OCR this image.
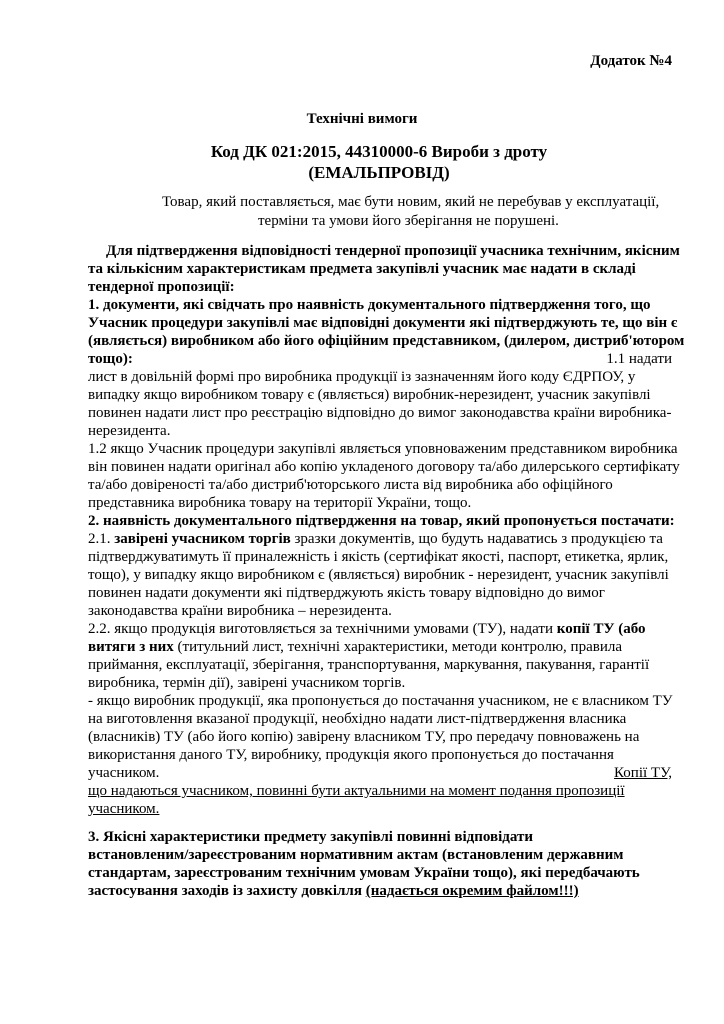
Додаток №4
Технічні вимоги
Код ДК 021:2015, 44310000-6 Вироби з дроту
(ЕМАЛЬПРОВІД)
Товар, який поставляється, має бути новим, який не перебував у експлуатації,
терміни та умови його зберігання не порушені.
Для підтвердження відповідності тендерної пропозиції учасника технічним, якісним
та кількісним характеристикам предмета закупівлі учасник має надати в складі
тендерної пропозиції:
1. документи, які свідчать про наявність документального підтвердження того, що
Учасник процедури закупівлі має відповідні документи які підтверджують те, що він є
(являється) виробником або його офіційним представником, (дилером, дистриб'ютором
тощо):	1.1 надати
лист в довільній формі про виробника продукції із зазначенням його коду ЄДРПОУ, у
випадку якщо виробником товару є (являється) виробник-нерезидент, учасник закупівлі
повинен надати лист про реєстрацію відповідно до вимог законодавства країни виробника-
нерезидента.
1.2 якщо Учасник процедури закупівлі являється уповноваженим представником виробника
він повинен надати оригінал або копію укладеного договору та/або дилерського сертифікату
та/або довіреності та/або дистриб'юторського листа від виробника або офіційного
представника виробника товару на території України, тощо.
2. наявність документального підтвердження на товар, який пропонується постачати:
2.1. завірені учасником торгів зразки документів, що будуть надаватись з продукцією та
підтверджуватимуть її приналежність і якість (сертифікат якості, паспорт, етикетка, ярлик,
тощо), у випадку якщо виробником є (являється) виробник - нерезидент, учасник закупівлі
повинен надати документи які підтверджують якість товару відповідно до вимог
законодавства країни виробника – нерезидента.
2.2. якщо продукція виготовляється за технічними умовами (ТУ), надати копії ТУ (або
витяги з них (титульний лист, технічні характеристики, методи контролю, правила
приймання, експлуатації, зберігання, транспортування, маркування, пакування, гарантії
виробника, термін дії), завірені учасником торгів.
- якщо виробник продукції, яка пропонується до постачання учасником, не є власником ТУ
на виготовлення вказаної продукції, необхідно надати лист-підтвердження власника
(власників) ТУ (або його копію) завірену власником ТУ, про передачу повноважень на
використання даного ТУ, виробнику, продукція якого пропонується до постачання
учасником.	Копії ТУ,
що надаються учасником, повинні бути актуальними на момент подання пропозиції
учасником.
3. Якісні характеристики предмету закупівлі повинні відповідати
встановленим/зареєстрованим нормативним актам (встановленим державним
стандартам, зареєстрованим технічним умовам України тощо), які передбачають
застосування заходів із захисту довкілля (надається окремим файлом!!!)
